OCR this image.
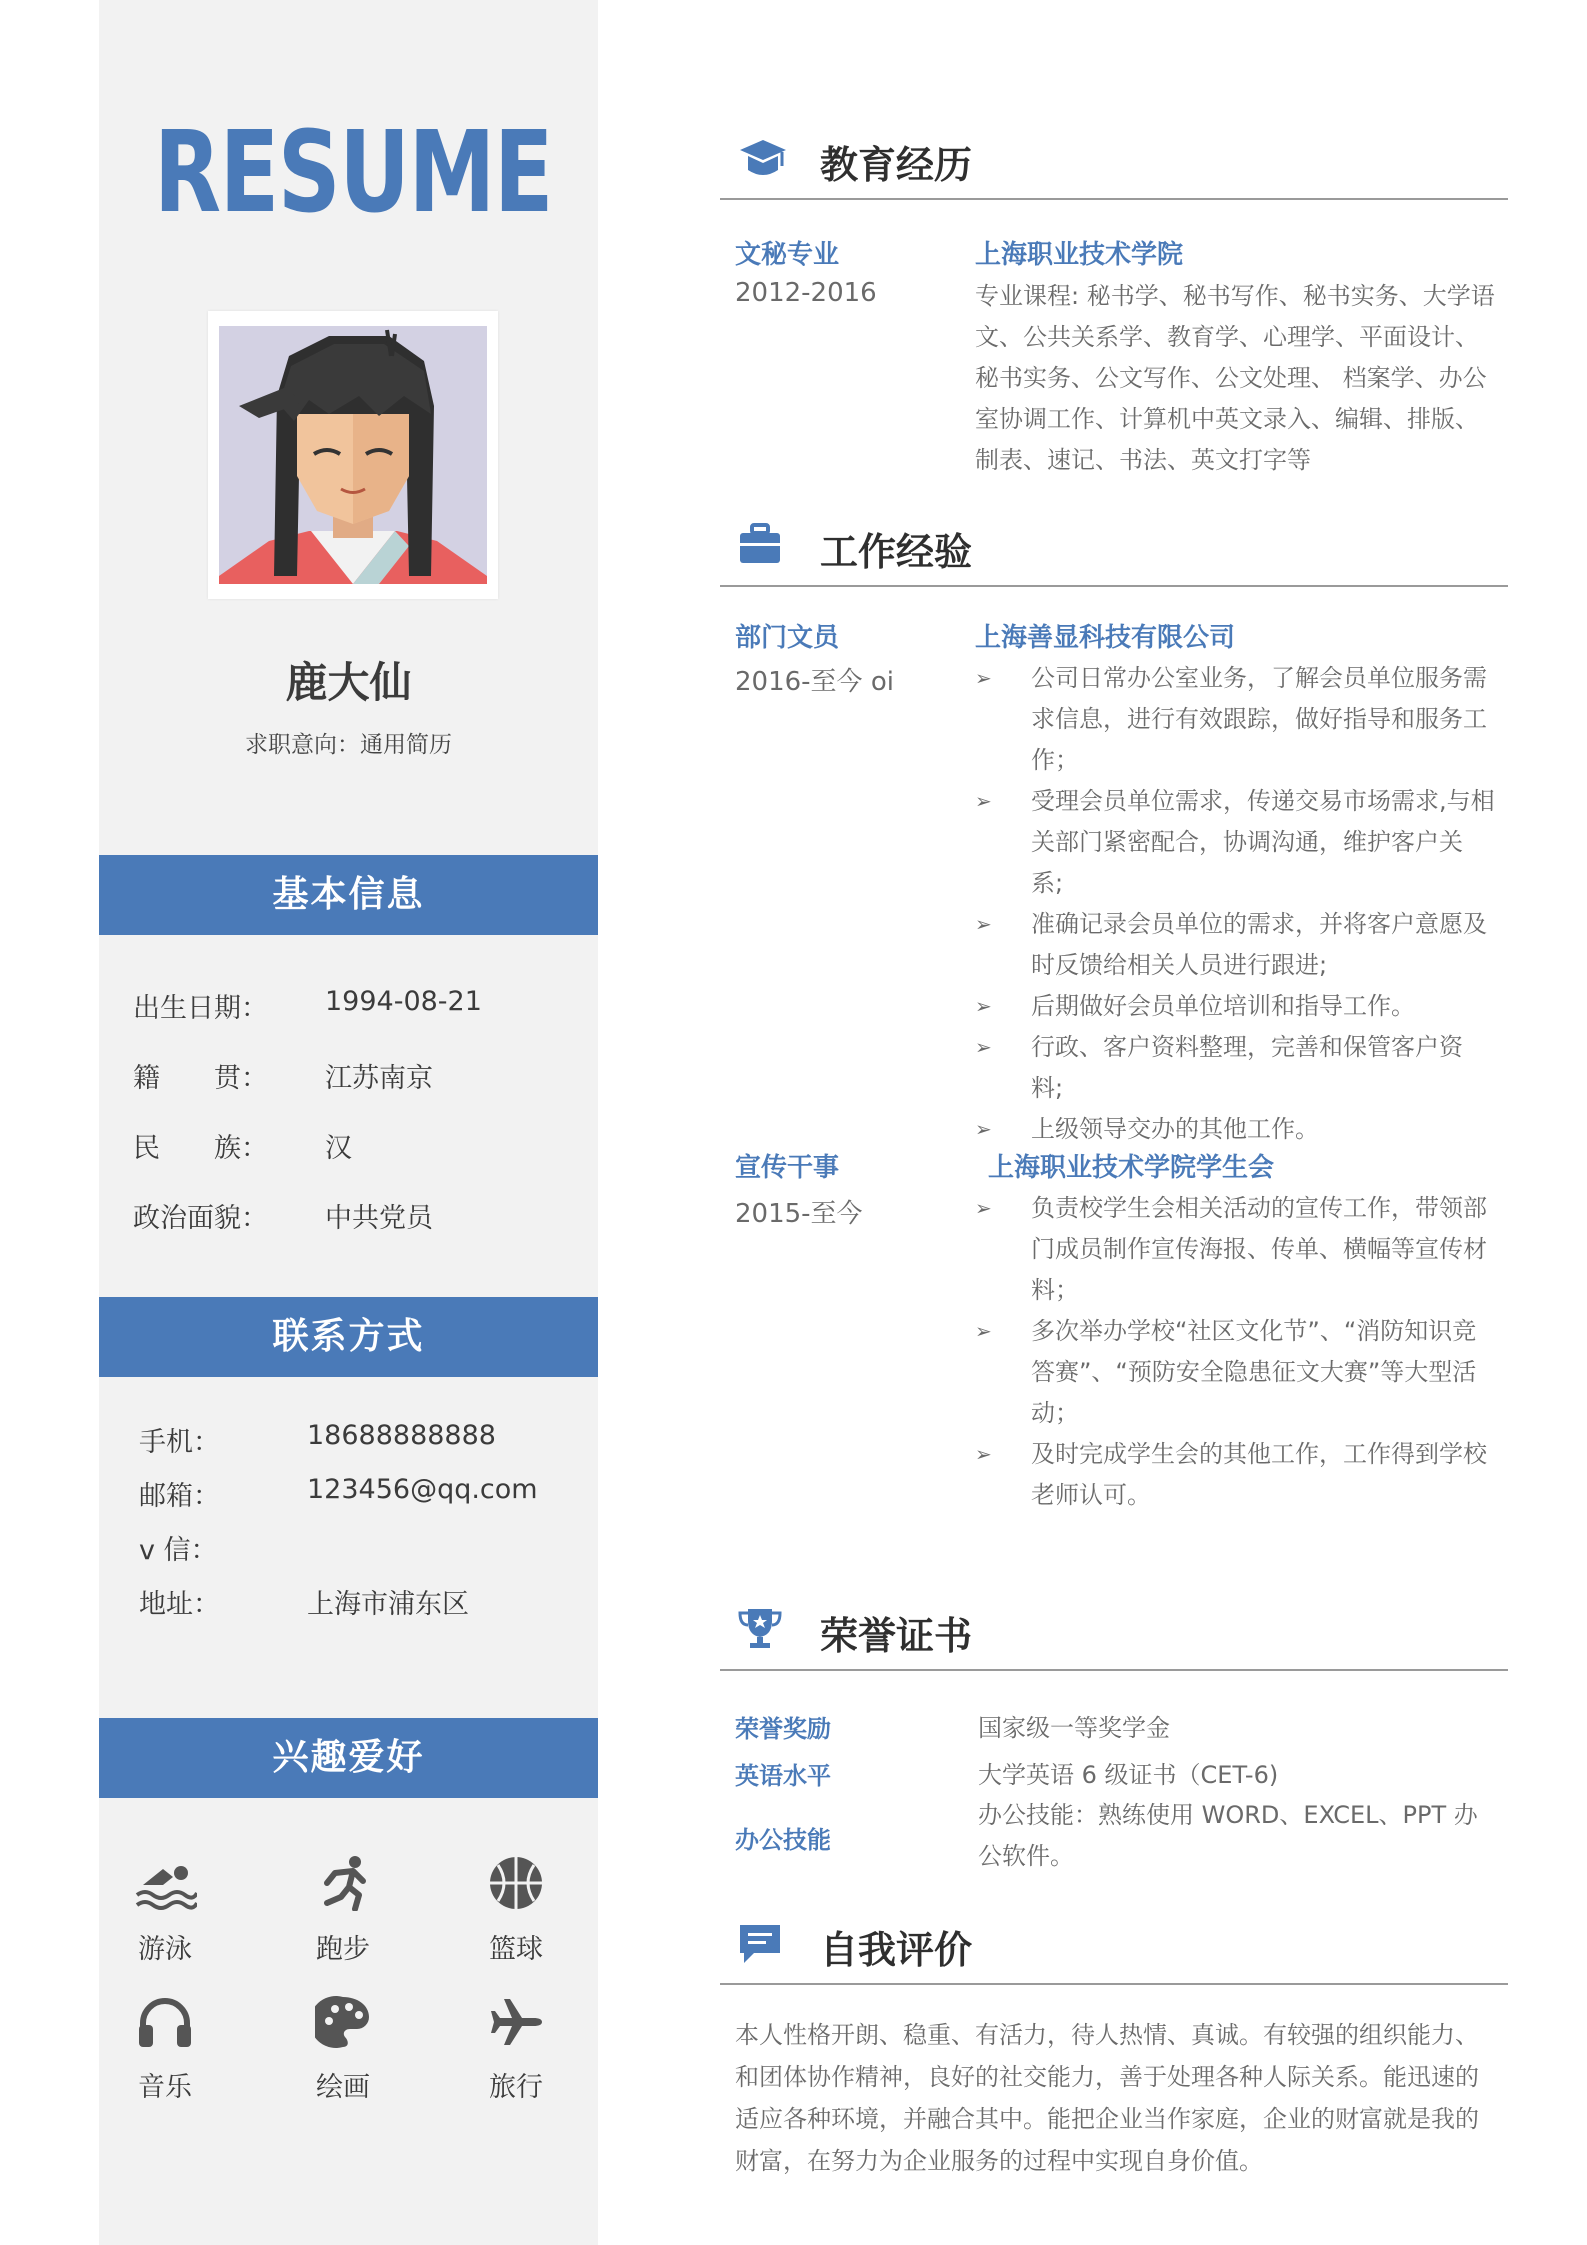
RESUME
鹿大仙
求职意向：通用简历
基本信息
出生日期： 1994-08-21
籍　　贯： 江苏南京
民　　族： 汉
政治面貌： 中共党员
联系方式
手机：	18688888888
邮箱：	123456@qq.com
v 信：
地址：	上海市浦东区
兴趣爱好
游泳	跑步	篮球
音乐	绘画	旅行
教育经历
文秘专业
2012-2016
上海职业技术学院
专业课程: 秘书学、秘书写作、秘书实务、大学语文、公共关系学、教育学、心理学、平面设计、秘书实务、公文写作、公文处理、 档案学、办公室协调工作、计算机中英文录入、编辑、排版、制表、速记、书法、英文打字等
工作经验
部门文员
2016-至今 oi
上海善显科技有限公司
➢ 公司日常办公室业务，了解会员单位服务需求信息，进行有效跟踪，做好指导和服务工作；
➢ 受理会员单位需求，传递交易市场需求,与相关部门紧密配合，协调沟通，维护客户关系;
➢ 准确记录会员单位的需求，并将客户意愿及时反馈给相关人员进行跟进;
➢ 后期做好会员单位培训和指导工作。
➢ 行政、客户资料整理，完善和保管客户资料;
➢ 上级领导交办的其他工作。
宣传干事
2015-至今
上海职业技术学院学生会
➢ 负责校学生会相关活动的宣传工作，带领部门成员制作宣传海报、传单、横幅等宣传材料；
➢ 多次举办学校“社区文化节”、“消防知识竞答赛”、“预防安全隐患征文大赛”等大型活动；
➢ 及时完成学生会的其他工作，工作得到学校老师认可。
荣誉证书
荣誉奖励	国家级一等奖学金
英语水平	大学英语 6 级证书（CET-6)
办公技能
办公技能：熟练使用 WORD、EXCEL、PPT 办公软件。
自我评价
本人性格开朗、稳重、有活力，待人热情、真诚。有较强的组织能力、和团体协作精神，良好的社交能力，善于处理各种人际关系。能迅速的适应各种环境，并融合其中。能把企业当作家庭，企业的财富就是我的财富，在努力为企业服务的过程中实现自身价值。
